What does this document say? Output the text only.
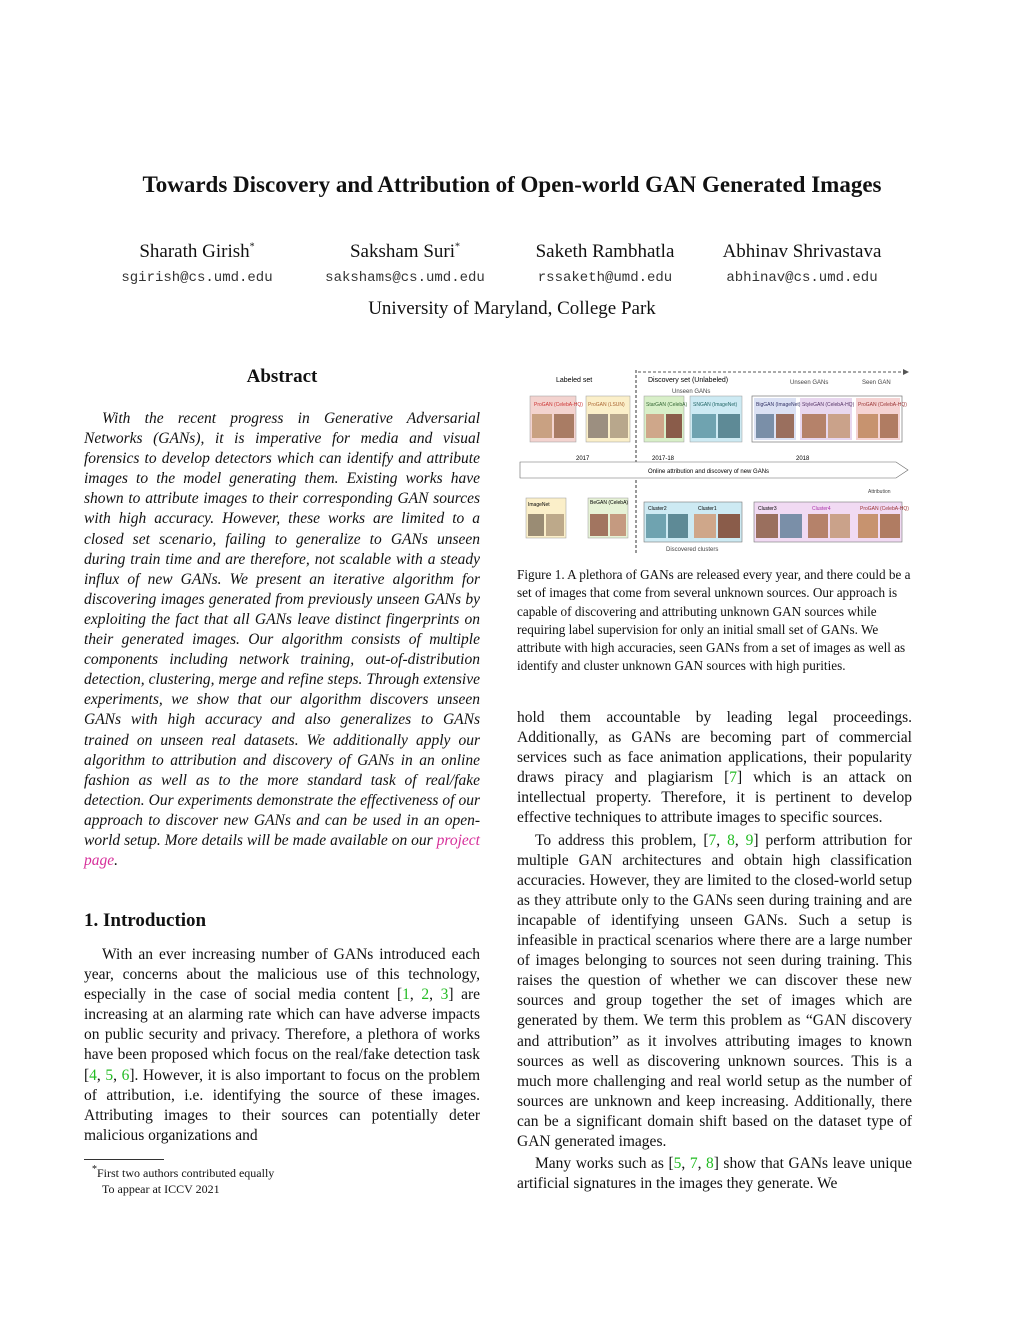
Towards Discovery and Attribution of Open-world GAN Generated Images
Sharath Girish*	Saksham Suri*	Saketh Rambhatla	Abhinav Shrivastava
sgirish@cs.umd.edu	sakshams@cs.umd.edu	rssaketh@umd.edu	abhinav@cs.umd.edu
University of Maryland, College Park
Abstract

With the recent progress in Generative Adversarial Networks (GANs), it is imperative for media and visual forensics to develop detectors which can identify and attribute images to the model generating them. Existing works have shown to attribute images to their corresponding GAN sources with high accuracy. However, these works are limited to a closed set scenario, failing to generalize to GANs unseen during train time and are therefore, not scalable with a steady influx of new GANs. We present an iterative algorithm for discovering images generated from previously unseen GANs by exploiting the fact that all GANs leave distinct fingerprints on their generated images. Our algorithm consists of multiple components including network training, out-of-distribution detection, clustering, merge and refine steps. Through extensive experiments, we show that our algorithm discovers unseen GANs with high accuracy and also generalizes to GANs trained on unseen real datasets. We additionally apply our algorithm to attribution and discovery of GANs in an online fashion as well as to the more standard task of real/fake detection. Our experiments demonstrate the effectiveness of our approach to discover new GANs and can be used in an open-world setup. More details will be made available on our project page.

1. Introduction

With an ever increasing number of GANs introduced each year, concerns about the malicious use of this technology, especially in the case of social media content [1, 2, 3] are increasing at an alarming rate which can have adverse impacts on public security and privacy. Therefore, a plethora of works have been proposed which focus on the real/fake detection task [4, 5, 6]. However, it is also important to focus on the problem of attribution, i.e. identifying the source of these images. Attributing images to their sources can potentially deter malicious organizations and

*First two authors contributed equally
To appear at ICCV 2021
Labeled set	Discovery set (Unlabeled)
Unseen GANs
Unseen GANs	Seen GAN
ProGAN (CelebA-HQ) ProGAN (LSUN)	StarGAN (CelebA) SNGAN (ImageNet)	BigGAN (ImageNet) StyleGAN (CelebA-HQ) ProGAN (CelebA-HQ)
2017	2017-18	2018
Online attribution and discovery of new GANs
Attribution
ImageNet	BeGAN (CelebA)
Cluster2	Cluster1	Cluster3	Cluster4	ProGAN (CelebA-HQ)
Discovered clusters
Figure 1. A plethora of GANs are released every year, and there could be a set of images that come from several unknown sources. Our approach is capable of discovering and attributing unknown GAN sources while requiring label supervision for only an initial small set of GANs. We attribute with high accuracies, seen GANs from a set of images as well as identify and cluster unknown GAN sources with high purities.

hold them accountable by leading legal proceedings. Additionally, as GANs are becoming part of commercial services such as face animation applications, their popularity draws piracy and plagiarism [7] which is an attack on intellectual property. Therefore, it is pertinent to develop effective techniques to attribute images to specific sources.

To address this problem, [7, 8, 9] perform attribution for multiple GAN architectures and obtain high classification accuracies. However, they are limited to the closed-world setup as they attribute only to the GANs seen during training and are incapable of identifying unseen GANs. Such a setup is infeasible in practical scenarios where there are a large number of images belonging to sources not seen during training. This raises the question of whether we can discover these new sources and group together the set of images which are generated by them. We term this problem as “GAN discovery and attribution” as it involves attributing images to known sources as well as discovering unknown sources. This is a much more challenging and real world setup as the number of sources are unknown and keep increasing. Additionally, there can be a significant domain shift based on the dataset type of GAN generated images.

Many works such as [5, 7, 8] show that GANs leave unique artificial signatures in the images they generate. We
